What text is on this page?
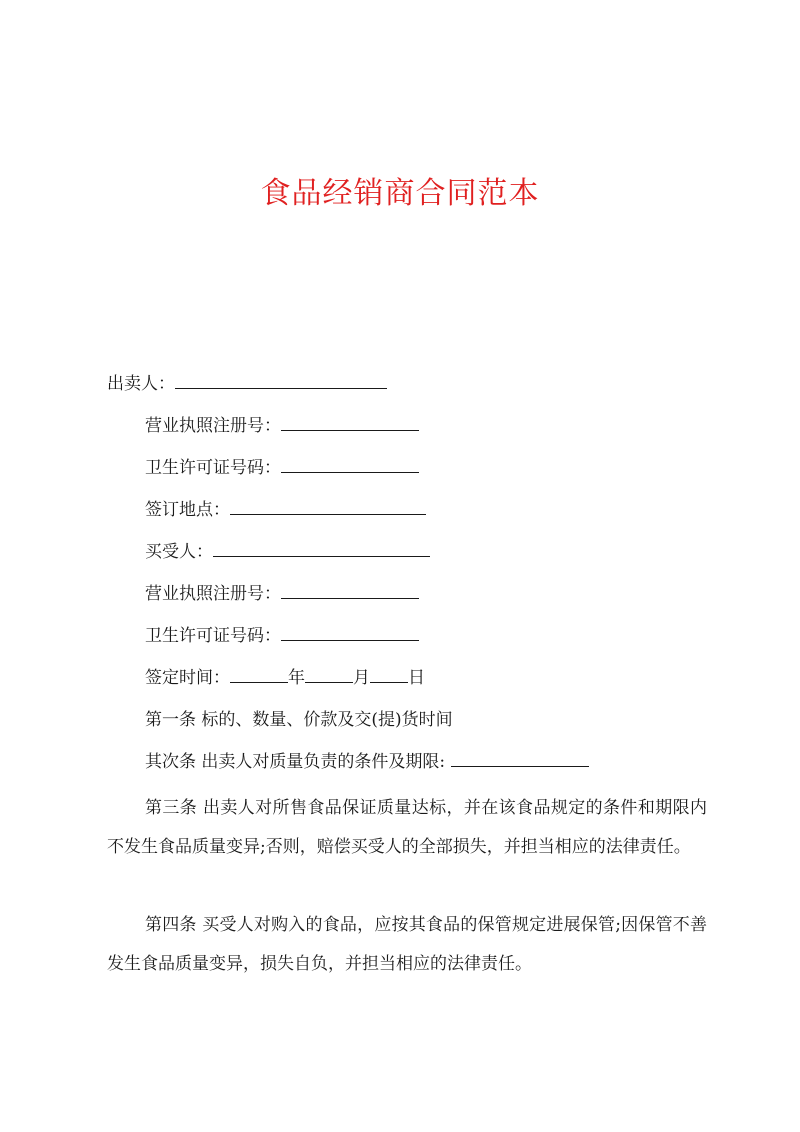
食品经销商合同范本
出卖人：
营业执照注册号：
卫生许可证号码：
签订地点：
买受人：
营业执照注册号：
卫生许可证号码：
签定时间：	年	月 日
第一条 标的、数量、价款及交(提)货时间
其次条 出卖人对质量负责的条件及期限:
第三条 出卖人对所售食品保证质量达标，并在该食品规定的条件和期限内不发生食品质量变异;否则，赔偿买受人的全部损失，并担当相应的法律责任。
第四条 买受人对购入的食品，应按其食品的保管规定进展保管;因保管不善发生食品质量变异，损失自负，并担当相应的法律责任。
